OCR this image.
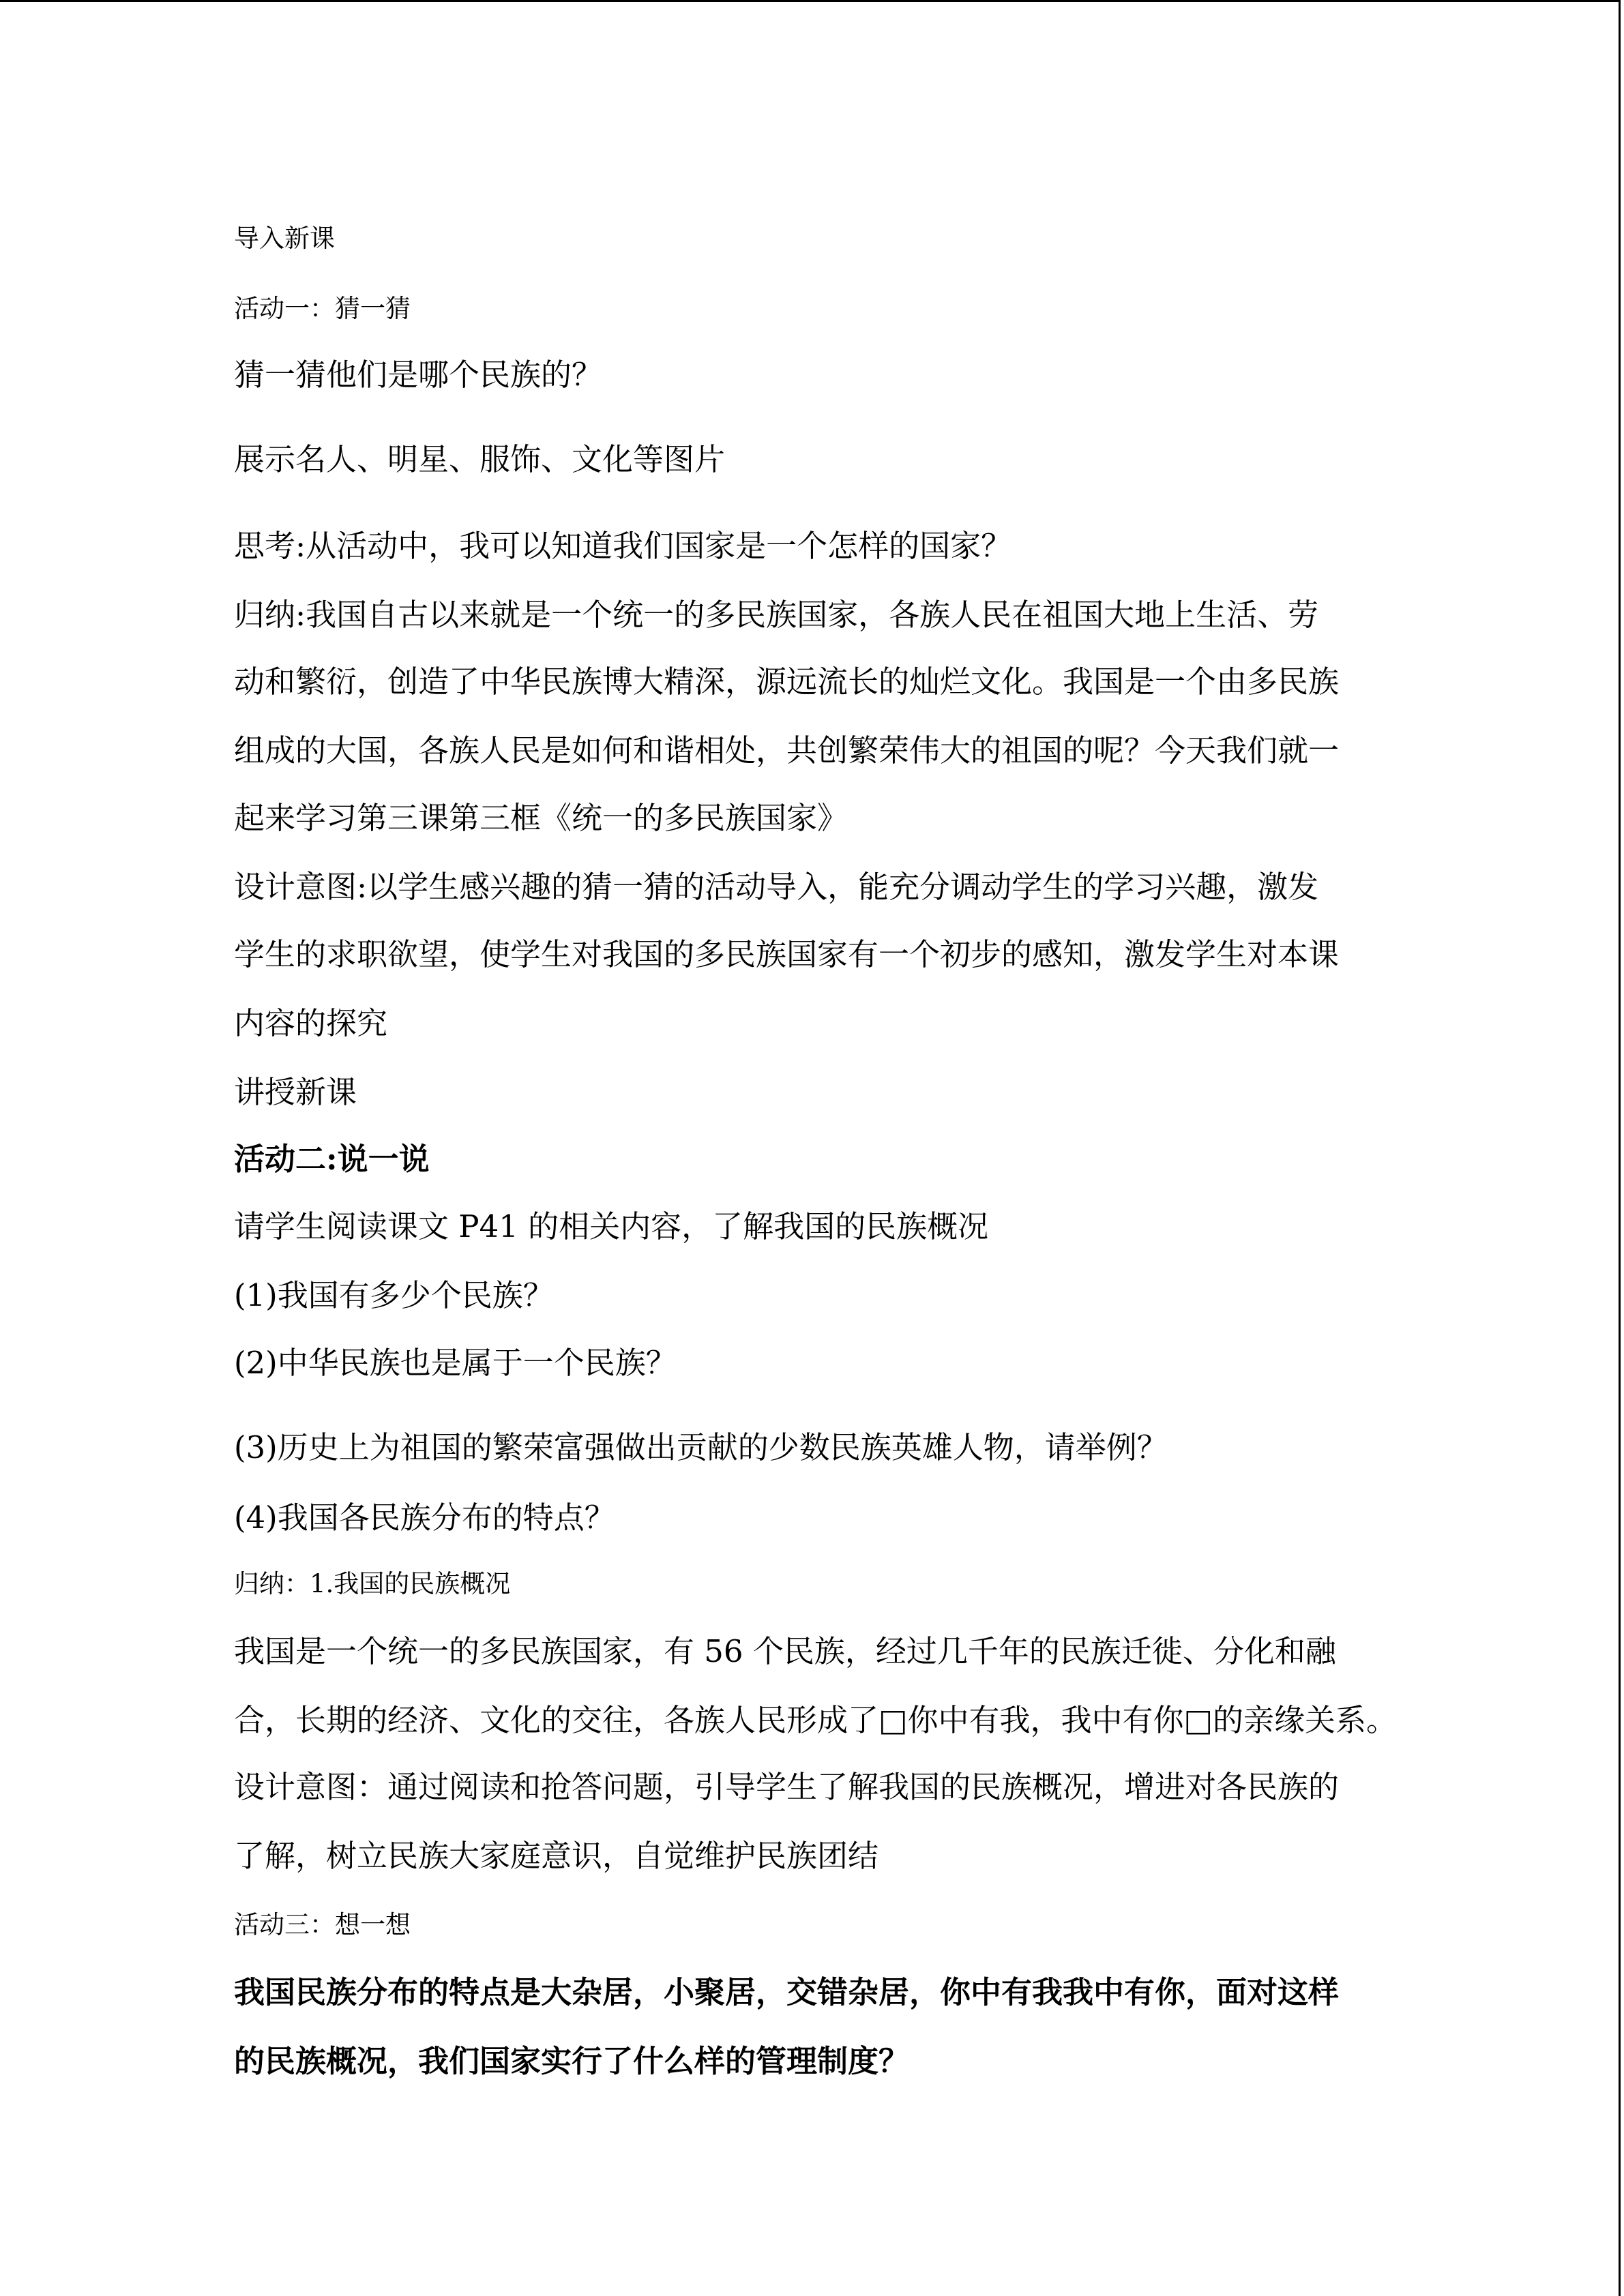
导入新课
活动一：猜一猜
猜一猜他们是哪个民族的？
展示名人、明星、服饰、文化等图片
思考:从活动中，我可以知道我们国家是一个怎样的国家？
归纳:我国自古以来就是一个统一的多民族国家，各族人民在祖国大地上生活、劳
动和繁衍，创造了中华民族博大精深，源远流长的灿烂文化。我国是一个由多民族
组成的大国，各族人民是如何和谐相处，共创繁荣伟大的祖国的呢？今天我们就一
起来学习第三课第三框《统一的多民族国家》
设计意图:以学生感兴趣的猜一猜的活动导入，能充分调动学生的学习兴趣，激发
学生的求职欲望，使学生对我国的多民族国家有一个初步的感知，激发学生对本课
内容的探究
讲授新课
活动二:说一说
请学生阅读课文 P41 的相关内容，了解我国的民族概况
(1)我国有多少个民族？
(2)中华民族也是属于一个民族？
(3)历史上为祖国的繁荣富强做出贡献的少数民族英雄人物，请举例？
(4)我国各民族分布的特点？
归纳：1.我国的民族概况
我国是一个统一的多民族国家，有 56 个民族，经过几千年的民族迁徙、分化和融
合，长期的经济、文化的交往，各族人民形成了□你中有我，我中有你□的亲缘关系。
设计意图：通过阅读和抢答问题，引导学生了解我国的民族概况，增进对各民族的
了解，树立民族大家庭意识，自觉维护民族团结
活动三：想一想
我国民族分布的特点是大杂居，小聚居，交错杂居，你中有我我中有你，面对这样
的民族概况，我们国家实行了什么样的管理制度？
